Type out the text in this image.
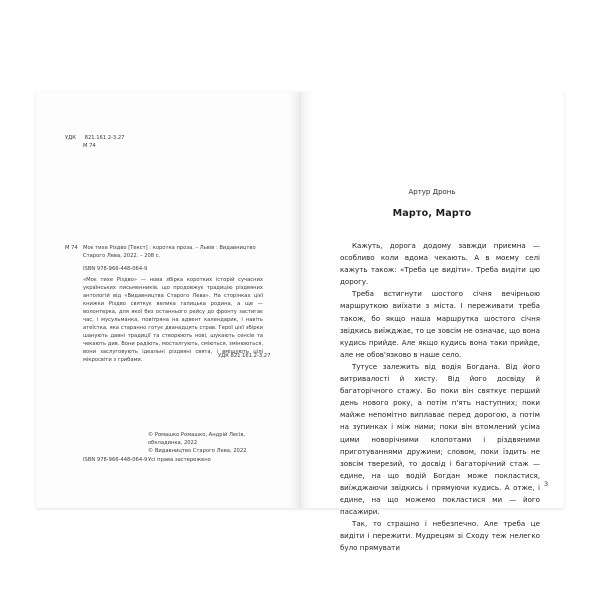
УДК 821.161.2-3.27
М 74
М 74 Моє тихе Різдво [Текст] : коротка проза. – Львів : Видавництво Старого Лева, 2022. – 208 с.
ISBN 978-966-448-064-9
«Моє тихе Різдво» — нова збірка коротких історій сучасних українських письменників, що продовжує традицію різдвяних антологій від «Видавництва Старого Лева». На сторінках цієї книжки Різдво святкує велика галицька родина, а ще — волонтерка, для якої без останнього рейсу до фронту застигає час, і мусульманка, повітряна на адвент календарик, і навіть атеїстка, яка старанно готує дванадцять страв. Герої цієї збірки шанують давні традиції та створюють нові, шукають сенсів та чекають див. Вони радіють, мосталгують, сміються, змінюються, вони заслуговують ідеальні різдвяні свята, і вміщують цілі мікросвіти з грибами.
УДК 821.161.2-3.27
© Ромашко Ромашко, Андрій Лесів,
обкладинка, 2022
© Видавництво Старого Лева, 2022
ISBN 978-966-448-064-9 Усі права застережено
Артур Дронь
Марто, Марто

Кажуть, дорога додому завжди приємна — особливо коли вдома чекають. А в моєму селі кажуть також: «Треба це видіти». Треба видіти цю дорогу.

Треба встигнути шостого січня вечірньою маршруткою виїхати з міста. І переживати треба також, бо якщо наша маршрутка шостого січня звідкись виїжджає, то це зовсім не означає, що вона кудись прийде. Але якщо кудись вона таки прийде, але не обов'язково в наше село.

Тутусе залежить від водія Богдана. Від його витривалості й хисту. Від його досвіду й багаторічного стажу. Бо поки він святкує перший день нового року, а потім п'ять наступних; поки майже непомітно виплаває перед дорогою, а потім на зупинках і між ними; поки він втомлений усіма цими новорічними клопотами і різдвяними приготуваннями дружини; словом, поки їздить не зовсім тверезий, то досвід і багаторічний стаж — єдине, на що водій Богдан може покластися, виїжджаючи звідкись і прямуючи кудись. А отже, і єдине, на що можемо покластися ми — його пасажири.

Так, то страшно і небезпечно. Але треба це видіти і пережити. Мудрецям зі Сходу теж нелегко було прямувати

3
